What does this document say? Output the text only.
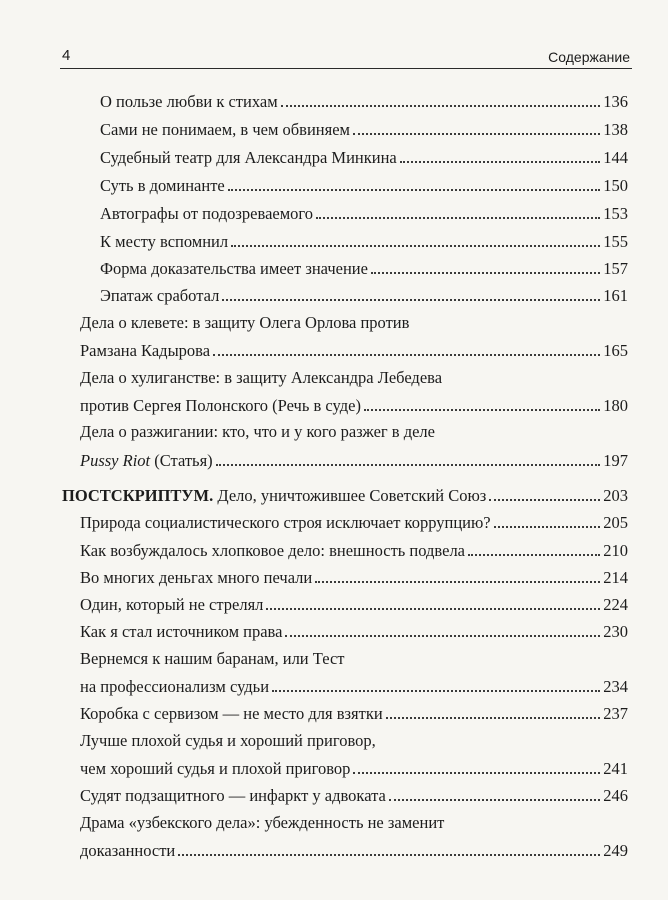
4	Содержание
О пользе любви к стихам	136
Сами не понимаем, в чем обвиняем	138
Судебный театр для Александра Минкина	144
Суть в доминанте	150
Автографы от подозреваемого	153
К месту вспомнил	155
Форма доказательства имеет значение	157
Эпатаж сработал	161
Дела о клевете: в защиту Олега Орлова против
Рамзана Кадырова	165
Дела о хулиганстве: в защиту Александра Лебедева
против Сергея Полонского (Речь в суде)	180
Дела о разжигании: кто, что и у кого разжег в деле
Pussy Riot (Статья)	197
ПОСТСКРИПТУМ. Дело, уничтожившее Советский Союз	203
Природа социалистического строя исключает коррупцию?	205
Как возбуждалось хлопковое дело: внешность подвела	210
Во многих деньгах много печали	214
Один, который не стрелял	224
Как я стал источником права	230
Вернемся к нашим баранам, или Тест
на профессионализм судьи	234
Коробка с сервизом — не место для взятки	237
Лучше плохой судья и хороший приговор,
чем хороший судья и плохой приговор	241
Судят подзащитного — инфаркт у адвоката	246
Драма «узбекского дела»: убежденность не заменит
доказанности	249
